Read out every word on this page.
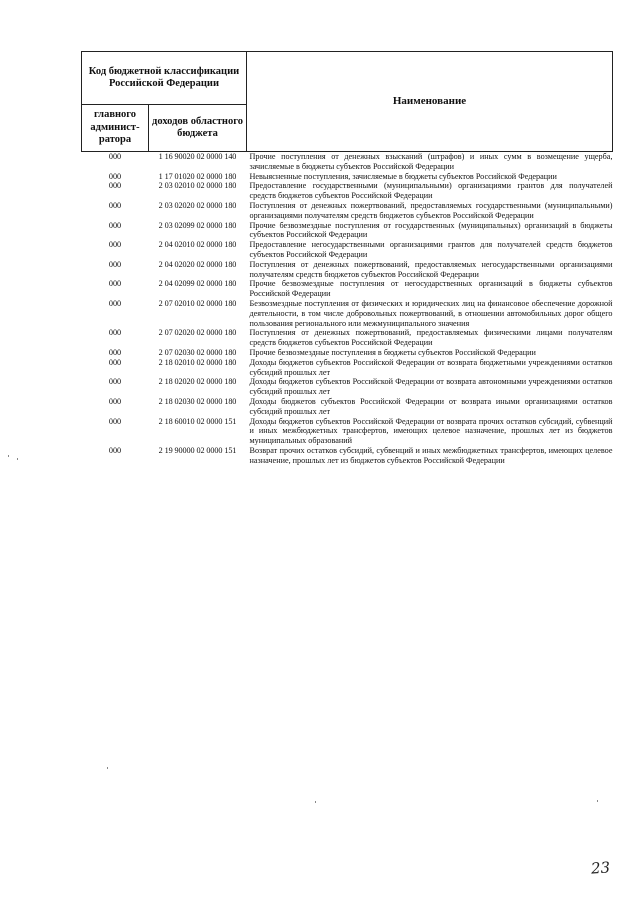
Код бюджетной классификации Российской Федерации		Наименование
главного админист-ратора	доходов областного бюджета	
000	1 16 90020 02 0000 140	Прочие поступления от денежных взысканий (штрафов) и иных сумм в возмещение ущерба, зачисляемые в бюджеты субъектов Российской Федерации
000	1 17 01020 02 0000 180	Невыясненные поступления, зачисляемые в бюджеты субъектов Российской Федерации
000	2 03 02010 02 0000 180	Предоставление государственными (муниципальными) организациями грантов для получателей средств бюджетов субъектов Российской Федерации
000	2 03 02020 02 0000 180	Поступления от денежных пожертвований, предоставляемых государственными (муниципальными) организациями получателям средств бюджетов субъектов Российской Федерации
000	2 03 02099 02 0000 180	Прочие безвозмездные поступления от государственных (муниципальных) организаций в бюджеты субъектов Российской Федерации
000	2 04 02010 02 0000 180	Предоставление негосударственными организациями грантов для получателей средств бюджетов субъектов Российской Федерации
000	2 04 02020 02 0000 180	Поступления от денежных пожертвований, предоставляемых негосударственными организациями получателям средств бюджетов субъектов Российской Федерации
000	2 04 02099 02 0000 180	Прочие безвозмездные поступления от негосударственных организаций в бюджеты субъектов Российской Федерации
000	2 07 02010 02 0000 180	Безвозмездные поступления от физических и юридических лиц на финансовое обеспечение дорожной деятельности, в том числе добровольных пожертвований, в отношении автомобильных дорог общего пользования регионального или межмуниципального значения
000	2 07 02020 02 0000 180	Поступления от денежных пожертвований, предоставляемых физическими лицами получателям средств бюджетов субъектов Российской Федерации
000	2 07 02030 02 0000 180	Прочие безвозмездные поступления в бюджеты субъектов Российской Федерации
000	2 18 02010 02 0000 180	Доходы бюджетов субъектов Российской Федерации от возврата бюджетными учреждениями остатков субсидий прошлых лет
000	2 18 02020 02 0000 180	Доходы бюджетов субъектов Российской Федерации от возврата автономными учреждениями остатков субсидий прошлых лет
000	2 18 02030 02 0000 180	Доходы бюджетов субъектов Российской Федерации от возврата иными организациями остатков субсидий прошлых лет
000	2 18 60010 02 0000 151	Доходы бюджетов субъектов Российской Федерации от возврата прочих остатков субсидий, субвенций и иных межбюджетных трансфертов, имеющих целевое назначение, прошлых лет из бюджетов муниципальных образований
000	2 19 90000 02 0000 151	Возврат прочих остатков субсидий, субвенций и иных межбюджетных трансфертов, имеющих целевое назначение, прошлых лет из бюджетов субъектов Российской Федерации
23
